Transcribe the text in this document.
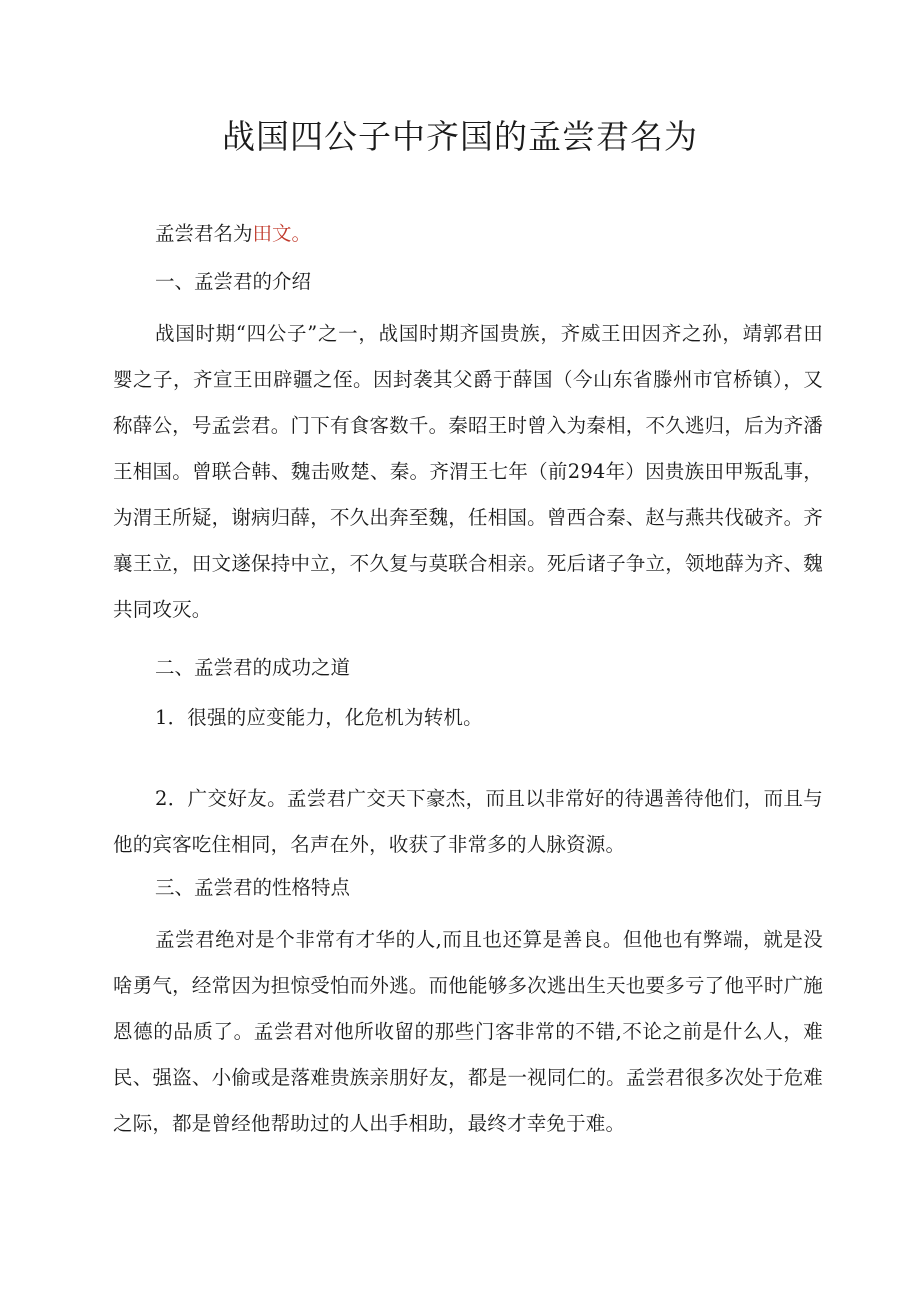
战国四公子中齐国的孟尝君名为

孟尝君名为田文。

一、孟尝君的介绍

战国时期“四公子”之一，战国时期齐国贵族，齐威王田因齐之孙，靖郭君田婴之子，齐宣王田辟疆之侄。因封袭其父爵于薛国（今山东省滕州市官桥镇），又称薛公，号孟尝君。门下有食客数千。秦昭王时曾入为秦相，不久逃归，后为齐潘王相国。曾联合韩、魏击败楚、秦。齐渭王七年（前294年）因贵族田甲叛乱事，为渭王所疑，谢病归薛，不久出奔至魏，任相国。曾西合秦、赵与燕共伐破齐。齐襄王立，田文遂保持中立，不久复与莫联合相亲。死后诸子争立，领地薛为齐、魏共同攻灭。

二、孟尝君的成功之道

1．很强的应变能力，化危机为转机。

2．广交好友。孟尝君广交天下豪杰，而且以非常好的待遇善待他们，而且与他的宾客吃住相同，名声在外，收获了非常多的人脉资源。

三、孟尝君的性格特点

孟尝君绝对是个非常有才华的人,而且也还算是善良。但他也有弊端，就是没啥勇气，经常因为担惊受怕而外逃。而他能够多次逃出生天也要多亏了他平时广施恩德的品质了。孟尝君对他所收留的那些门客非常的不错,不论之前是什么人，难民、强盗、小偷或是落难贵族亲朋好友，都是一视同仁的。孟尝君很多次处于危难之际，都是曾经他帮助过的人出手相助，最终才幸免于难。
